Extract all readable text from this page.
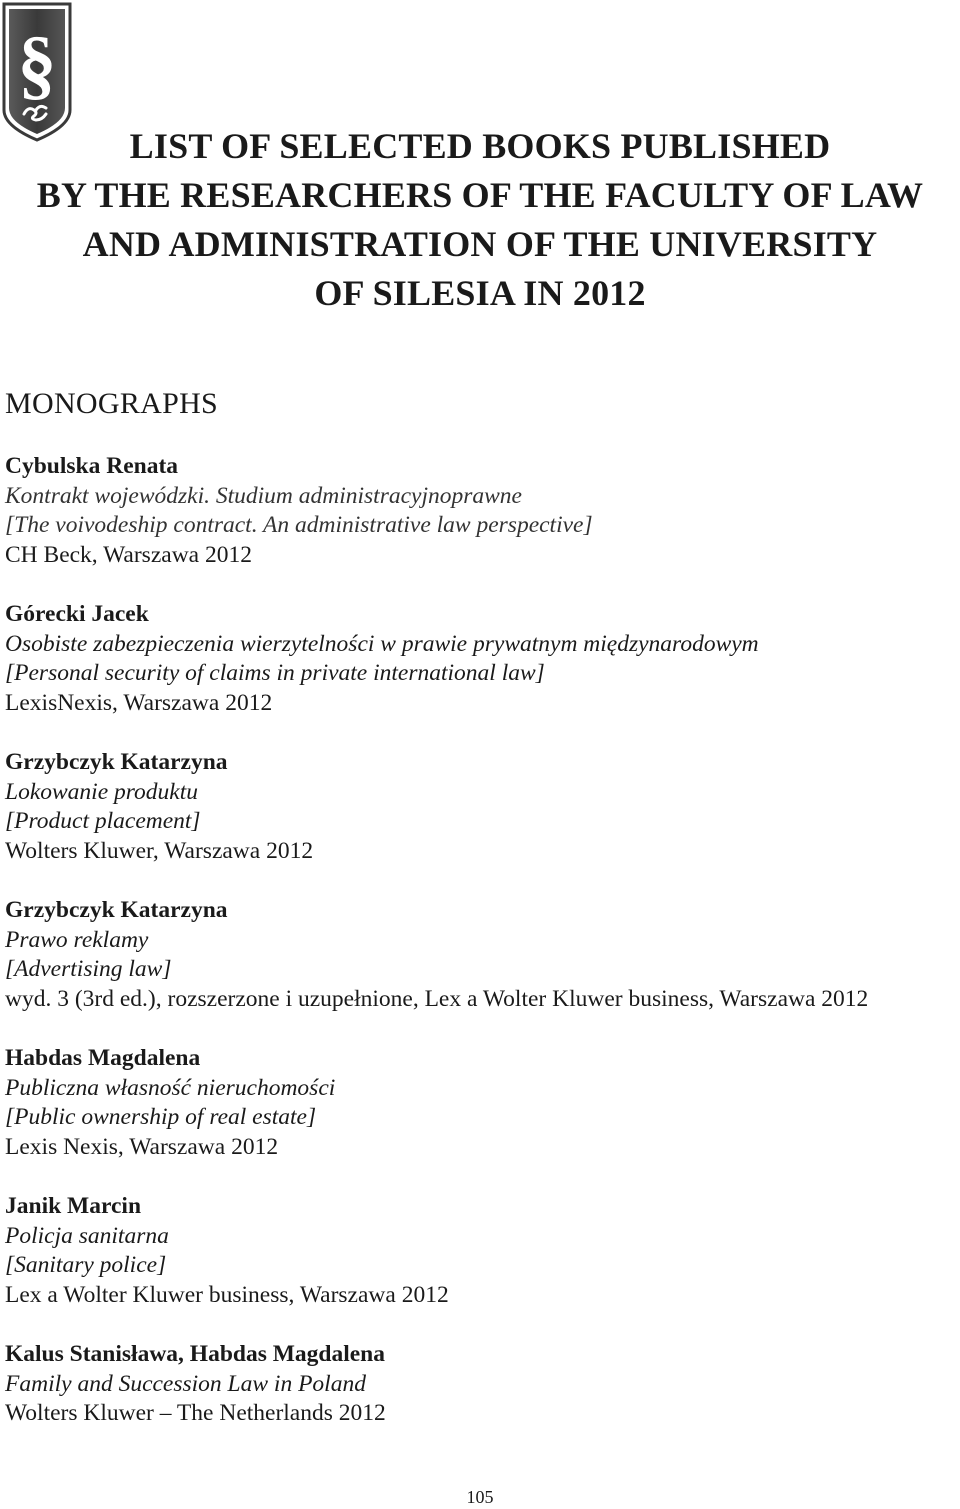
§
LIST OF SELECTED BOOKS PUBLISHED
BY THE RESEARCHERS OF THE FACULTY OF LAW
AND ADMINISTRATION OF THE UNIVERSITY
OF SILESIA IN 2012
MONOGRAPHS
Cybulska Renata
Kontrakt wojewódzki. Studium administracyjnoprawne
[The voivodeship contract. An administrative law perspective]
CH Beck, Warszawa 2012
Górecki Jacek
Osobiste zabezpieczenia wierzytelności w prawie prywatnym międzynarodowym
[Personal security of claims in private international law]
LexisNexis, Warszawa 2012
Grzybczyk Katarzyna
Lokowanie produktu
[Product placement]
Wolters Kluwer, Warszawa 2012
Grzybczyk Katarzyna
Prawo reklamy
[Advertising law]
wyd. 3 (3rd ed.), rozszerzone i uzupełnione, Lex a Wolter Kluwer business, Warszawa 2012
Habdas Magdalena
Publiczna własność nieruchomości
[Public ownership of real estate]
Lexis Nexis, Warszawa 2012
Janik Marcin
Policja sanitarna
[Sanitary police]
Lex a Wolter Kluwer business, Warszawa 2012
Kalus Stanisława, Habdas Magdalena
Family and Succession Law in Poland
Wolters Kluwer – The Netherlands 2012
105
